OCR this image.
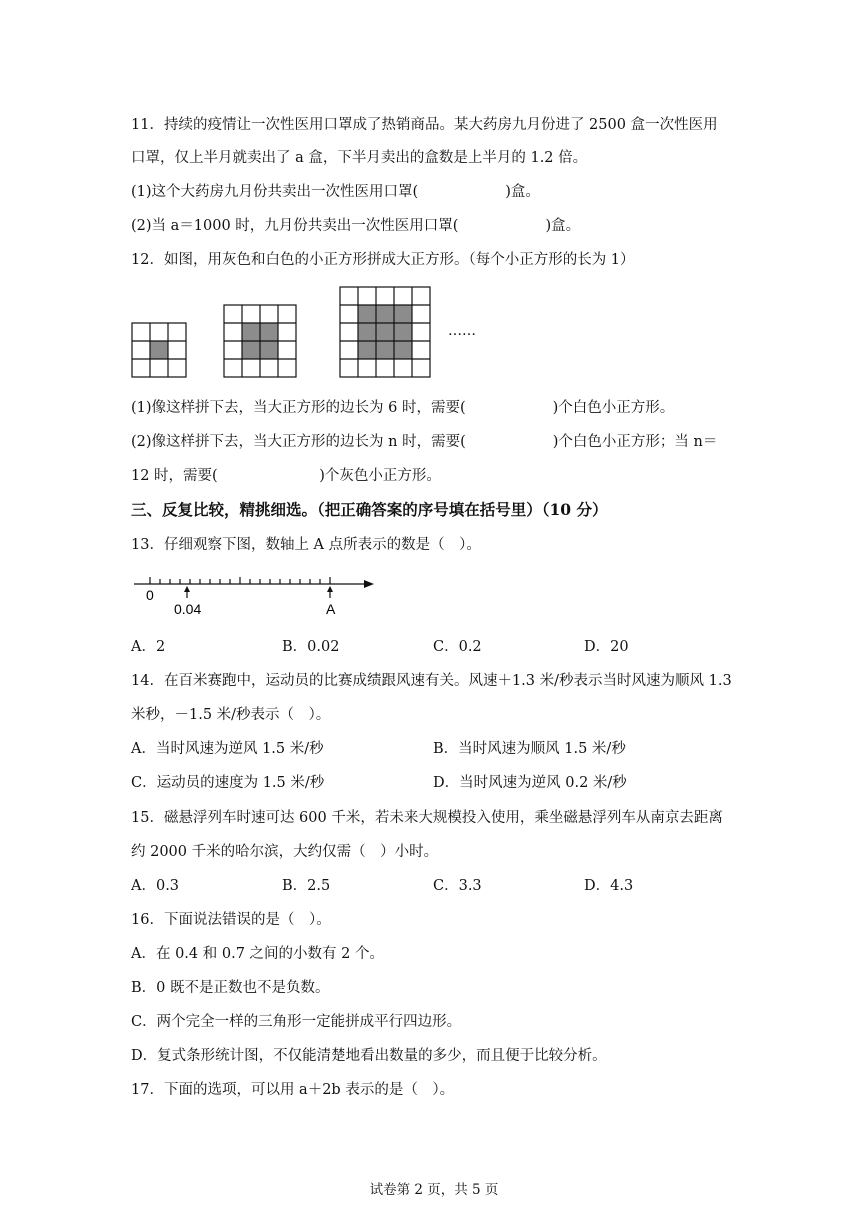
11．持续的疫情让一次性医用口罩成了热销商品。某大药房九月份进了 2500 盒一次性医用
口罩，仅上半月就卖出了 a 盒，下半月卖出的盒数是上半月的 1.2 倍。
(1)这个大药房九月份共卖出一次性医用口罩(　　　　　　)盒。
(2)当 a＝1000 时，九月份共卖出一次性医用口罩(　　　　　　)盒。
12．如图，用灰色和白色的小正方形拼成大正方形。（每个小正方形的长为 1）
……
(1)像这样拼下去，当大正方形的边长为 6 时，需要(　　　　　　)个白色小正方形。
(2)像这样拼下去，当大正方形的边长为 n 时，需要(　　　　　　)个白色小正方形；当 n＝
12 时，需要(　　　　　　　)个灰色小正方形。
三、反复比较，精挑细选。（把正确答案的序号填在括号里）（10 分）
13．仔细观察下图，数轴上 A 点所表示的数是（　）。
0
0.04	A
A．2	B．0.02	C．0.2	D．20
14．在百米赛跑中，运动员的比赛成绩跟风速有关。风速＋1.3 米/秒表示当时风速为顺风 1.3
米秒，－1.5 米/秒表示（　）。
A．当时风速为逆风 1.5 米/秒	B．当时风速为顺风 1.5 米/秒
C．运动员的速度为 1.5 米/秒	D．当时风速为逆风 0.2 米/秒
15．磁悬浮列车时速可达 600 千米，若未来大规模投入使用，乘坐磁悬浮列车从南京去距离
约 2000 千米的哈尔滨，大约仅需（　）小时。
A．0.3	B．2.5	C．3.3	D．4.3
16．下面说法错误的是（　）。
A．在 0.4 和 0.7 之间的小数有 2 个。
B．0 既不是正数也不是负数。
C．两个完全一样的三角形一定能拼成平行四边形。
D．复式条形统计图，不仅能清楚地看出数量的多少，而且便于比较分析。
17．下面的选项，可以用 a＋2b 表示的是（　）。
试卷第 2 页，共 5 页
